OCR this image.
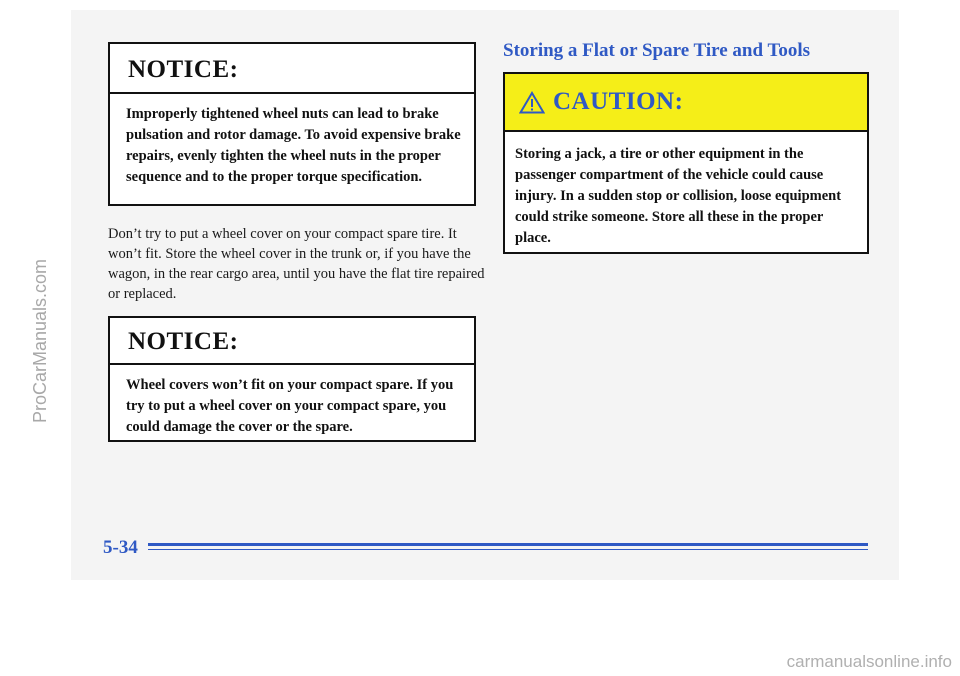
NOTICE:
Improperly tightened wheel nuts can lead to brake pulsation and rotor damage. To avoid expensive brake repairs, evenly tighten the wheel nuts in the proper sequence and to the proper torque specification.
Don’t try to put a wheel cover on your compact spare tire. It won’t fit. Store the wheel cover in the trunk or, if you have the wagon, in the rear cargo area, until you have the flat tire repaired or replaced.
NOTICE:
Wheel covers won’t fit on your compact spare. If you try to put a wheel cover on your compact spare, you could damage the cover or the spare.
Storing a Flat or Spare Tire and Tools
CAUTION:
Storing a jack, a tire or other equipment in the passenger compartment of the vehicle could cause injury. In a sudden stop or collision, loose equipment could strike someone. Store all these in the proper place.
5-34
ProCarManuals.com
carmanualsonline.info
